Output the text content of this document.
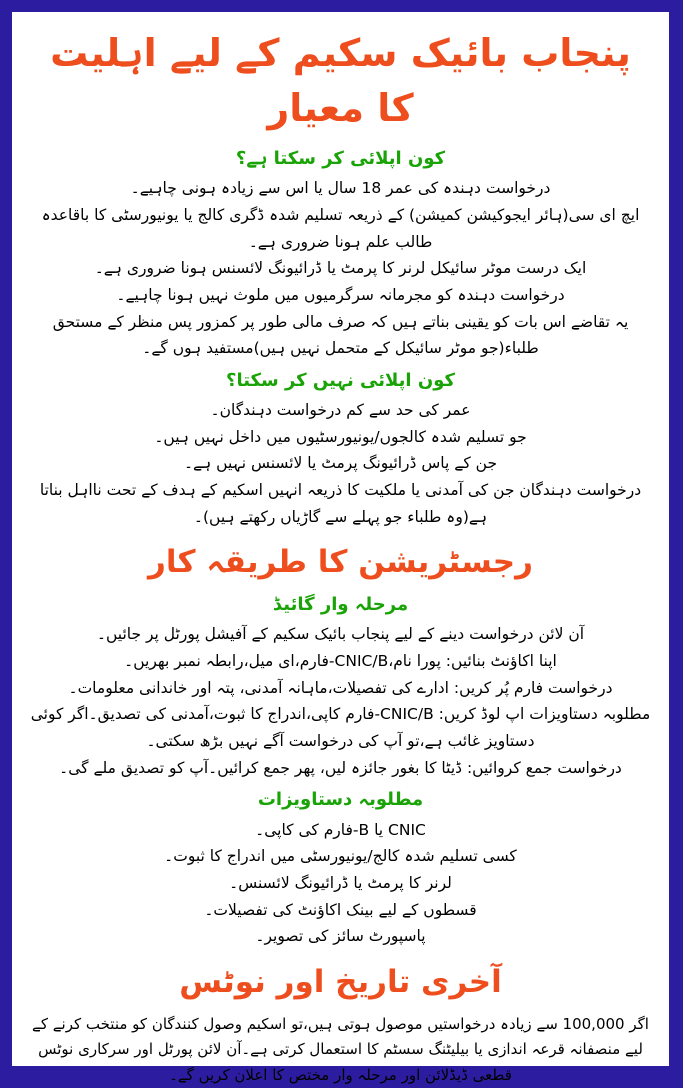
پنجاب بائیک سکیم کے لیے اہلیت کا معیار
کون اپلائی کر سکتا ہے؟

درخواست دہندہ کی عمر 18 سال یا اس سے زیادہ ہونی چاہیے۔

ایچ ای سی(ہائر ایجوکیشن کمیشن) کے ذریعہ تسلیم شدہ ڈگری کالج یا یونیورسٹی کا باقاعدہ طالب علم ہونا ضروری ہے۔

ایک درست موٹر سائیکل لرنر کا پرمٹ یا ڈرائیونگ لائسنس ہونا ضروری ہے۔

درخواست دہندہ کو مجرمانہ سرگرمیوں میں ملوث نہیں ہونا چاہیے۔

یہ تقاضے اس بات کو یقینی بناتے ہیں کہ صرف مالی طور پر کمزور پس منظر کے مستحق طلباء(جو موٹر سائیکل کے متحمل نہیں ہیں)مستفید ہوں گے۔

کون اپلائی نہیں کر سکتا؟

عمر کی حد سے کم درخواست دہندگان۔

جو تسلیم شدہ کالجوں/یونیورسٹیوں میں داخل نہیں ہیں۔

جن کے پاس ڈرائیونگ پرمٹ یا لائسنس نہیں ہے۔

درخواست دہندگان جن کی آمدنی یا ملکیت کا ذریعہ انہیں اسکیم کے ہدف کے تحت نااہل بناتا ہے(وہ طلباء جو پہلے سے گاڑیاں رکھتے ہیں)۔

رجسٹریشن کا طریقہ کار
مرحلہ وار گائیڈ

آن لائن درخواست دینے کے لیے پنجاب بائیک سکیم کے آفیشل پورٹل پر جائیں۔

اپنا اکاؤنٹ بنائیں: پورا نام،CNIC/B-فارم،ای میل،رابطہ نمبر بھریں۔

درخواست فارم پُر کریں: ادارے کی تفصیلات،ماہانہ آمدنی، پتہ اور خاندانی معلومات۔

مطلوبہ دستاویزات اپ لوڈ کریں: CNIC/B-فارم کاپی،اندراج کا ثبوت،آمدنی کی تصدیق۔اگر کوئی دستاویز غائب ہے،تو آپ کی درخواست آگے نہیں بڑھ سکتی۔

درخواست جمع کروائیں: ڈیٹا کا بغور جائزہ لیں، پھر جمع کرائیں۔آپ کو تصدیق ملے گی۔

مطلوبہ دستاویزات

CNIC یا B-فارم کی کاپی۔

کسی تسلیم شدہ کالج/یونیورسٹی میں اندراج کا ثبوت۔

لرنر کا پرمٹ یا ڈرائیونگ لائسنس۔

قسطوں کے لیے بینک اکاؤنٹ کی تفصیلات۔

پاسپورٹ سائز کی تصویر۔

آخری تاریخ اور نوٹس

اگر 100,000 سے زیادہ درخواستیں موصول ہوتی ہیں،تو اسکیم وصول کنندگان کو منتخب کرنے کے لیے منصفانہ قرعہ اندازی یا بیلیٹنگ سسٹم کا استعمال کرتی ہے۔آن لائن پورٹل اور سرکاری نوٹس قطعی ڈیڈلائن اور مرحلہ وار مختص کا اعلان کریں گے۔
